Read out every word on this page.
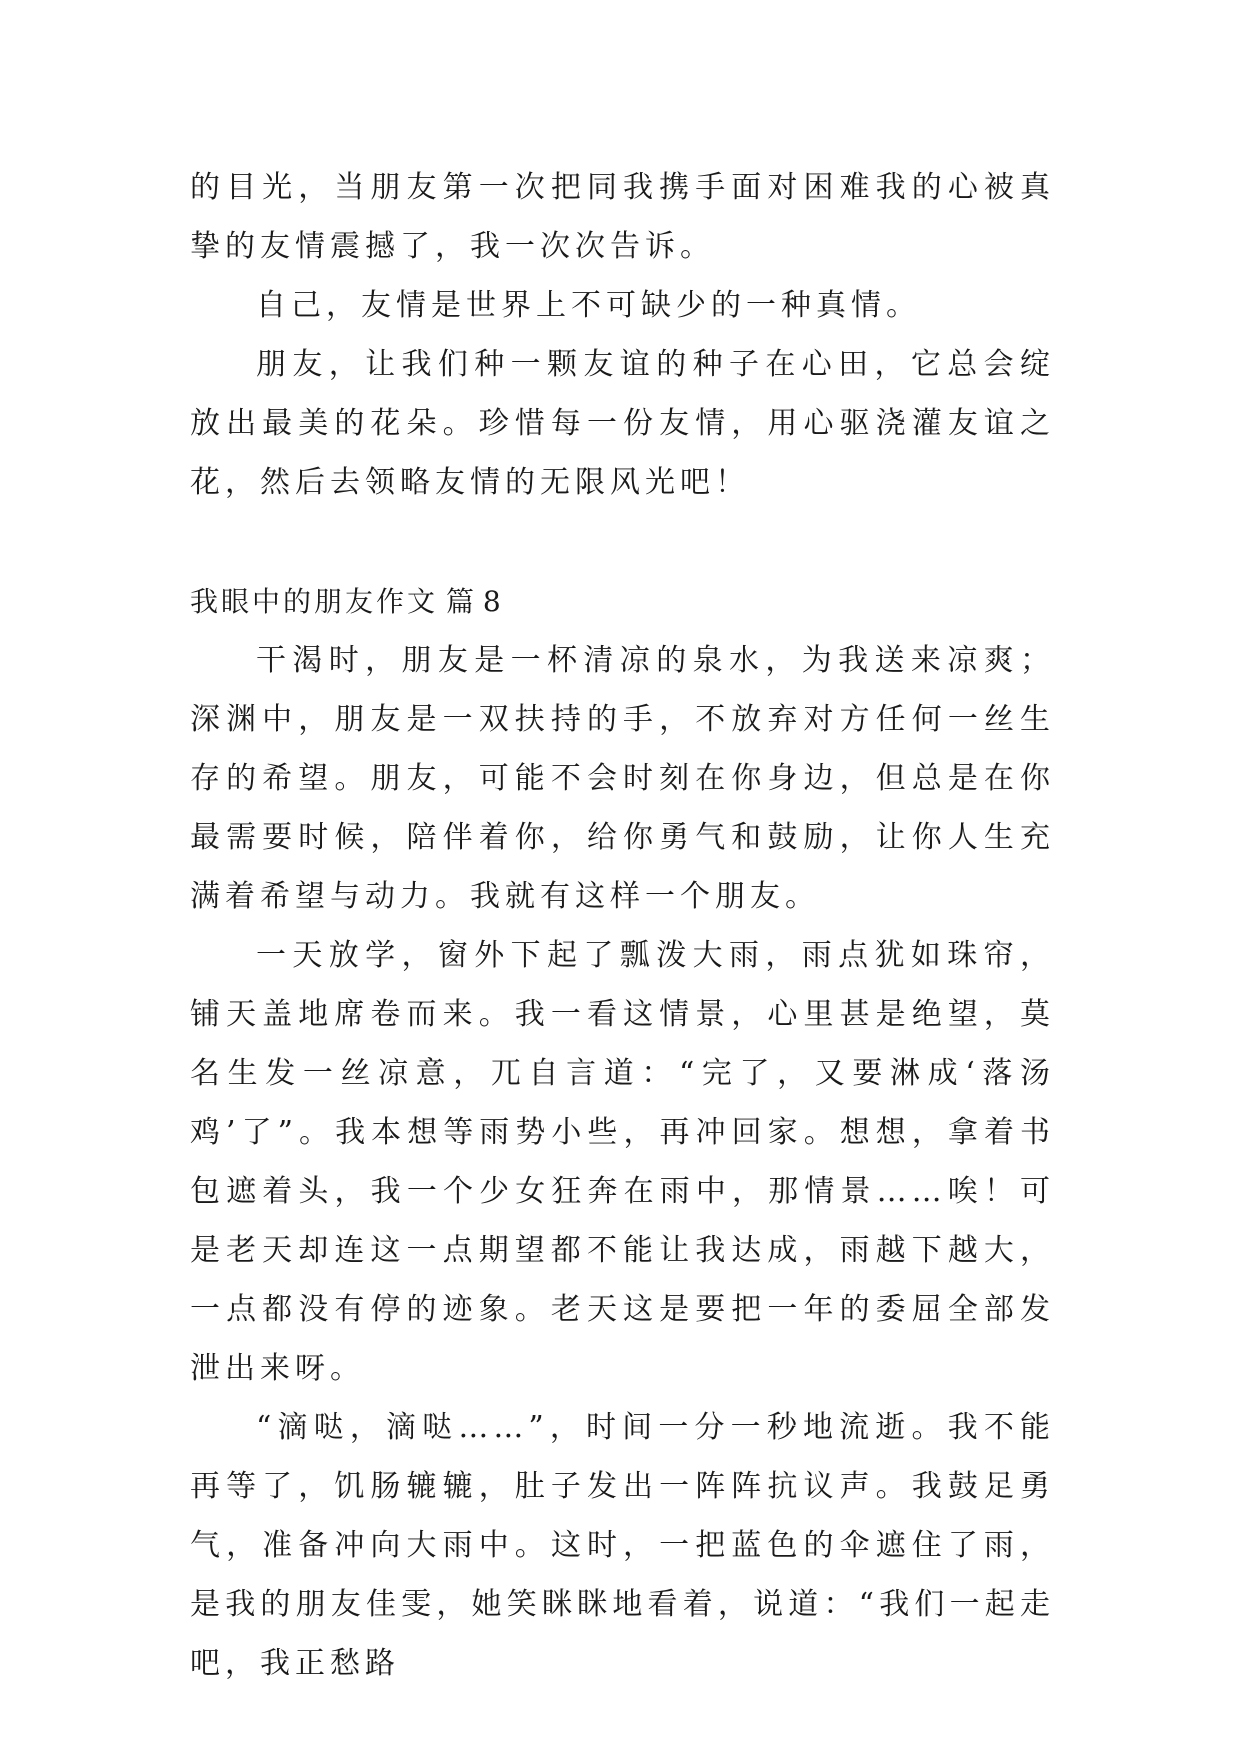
的目光，当朋友第一次把同我携手面对困难我的心被真挚的友情震撼了，我一次次告诉。

自己，友情是世界上不可缺少的一种真情。

朋友，让我们种一颗友谊的种子在心田，它总会绽放出最美的花朵。珍惜每一份友情，用心驱浇灌友谊之花，然后去领略友情的无限风光吧！

我眼中的朋友作文 篇 8

干渴时，朋友是一杯清凉的泉水，为我送来凉爽；深渊中，朋友是一双扶持的手，不放弃对方任何一丝生存的希望。朋友，可能不会时刻在你身边，但总是在你最需要时候，陪伴着你，给你勇气和鼓励，让你人生充满着希望与动力。我就有这样一个朋友。

一天放学，窗外下起了瓢泼大雨，雨点犹如珠帘，铺天盖地席卷而来。我一看这情景，心里甚是绝望，莫名生发一丝凉意，兀自言道：“完了，又要淋成‘落汤鸡’了”。我本想等雨势小些，再冲回家。想想，拿着书包遮着头，我一个少女狂奔在雨中，那情景……唉！可是老天却连这一点期望都不能让我达成，雨越下越大，一点都没有停的迹象。老天这是要把一年的委屈全部发泄出来呀。

“滴哒，滴哒……”，时间一分一秒地流逝。我不能再等了，饥肠辘辘，肚子发出一阵阵抗议声。我鼓足勇气，准备冲向大雨中。这时，一把蓝色的伞遮住了雨，是我的朋友佳雯，她笑眯眯地看着，说道：“我们一起走吧，我正愁路
